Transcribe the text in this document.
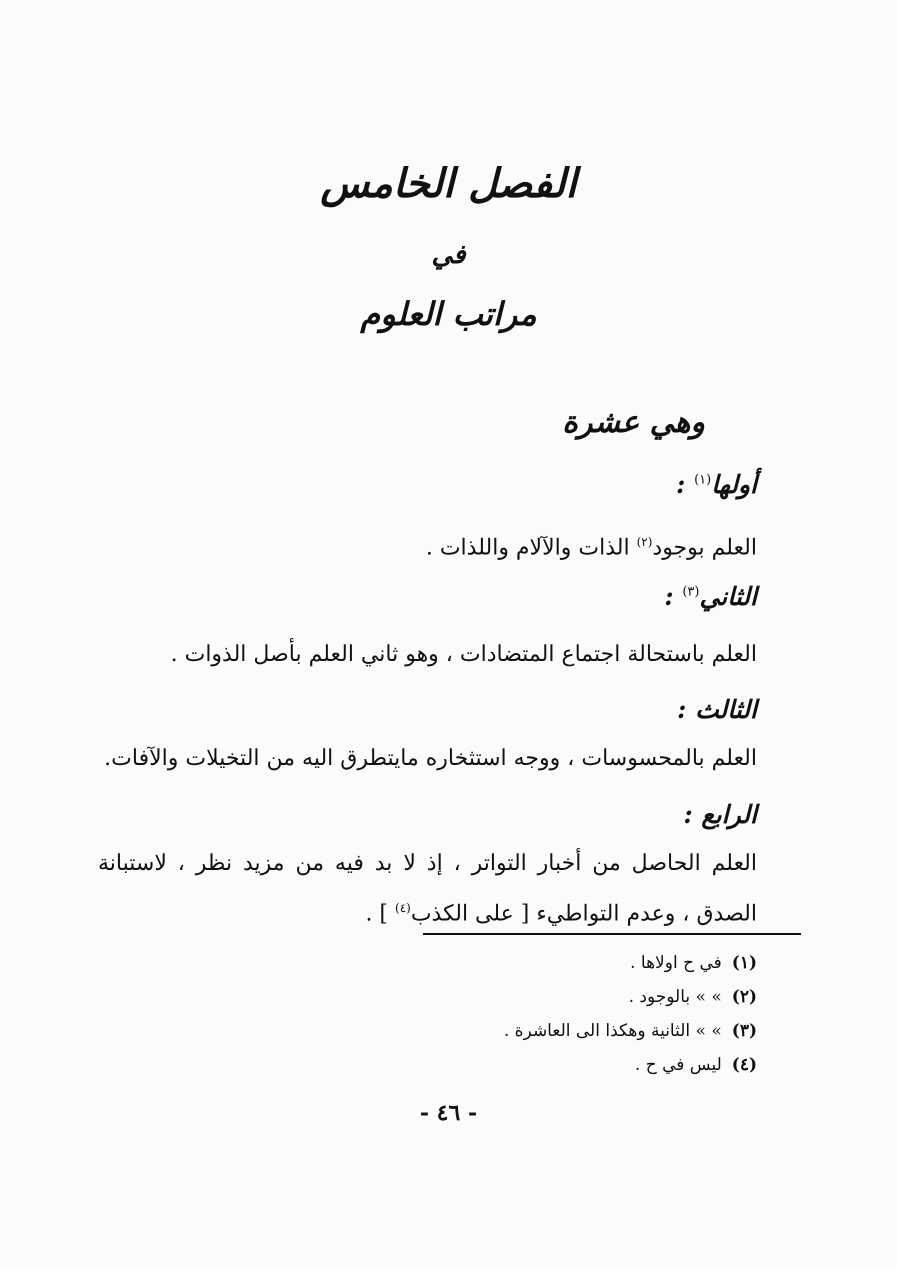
الفصل الخامس
في
مراتب العلوم
وهي عشرة
أولها$^{(١)}$ :
العلم بوجود$^{(٢)}$ الذات والآلام واللذات .
الثاني$^{(٣)}$ :
العلم باستحالة اجتماع المتضادات ، وهو ثاني العلم بأصل الذوات .
الثالث :
العلم بالمحسوسات ، ووجه استثخاره مايتطرق اليه من التخيلات والآفات.
الرابع :
العلم الحاصل من أخبار التواتر ، إذ لا بد فيه من مزيد نظر ، لاستبانة الصدق ، وعدم التواطيء [ على الكذب$^{(٤)}$ ] .
(١)في ح اولاها .
(٢)» » بالوجود .
(٣)» » الثانية وهكذا الى العاشرة .
(٤)ليس في ح .
- ٤٦ -
